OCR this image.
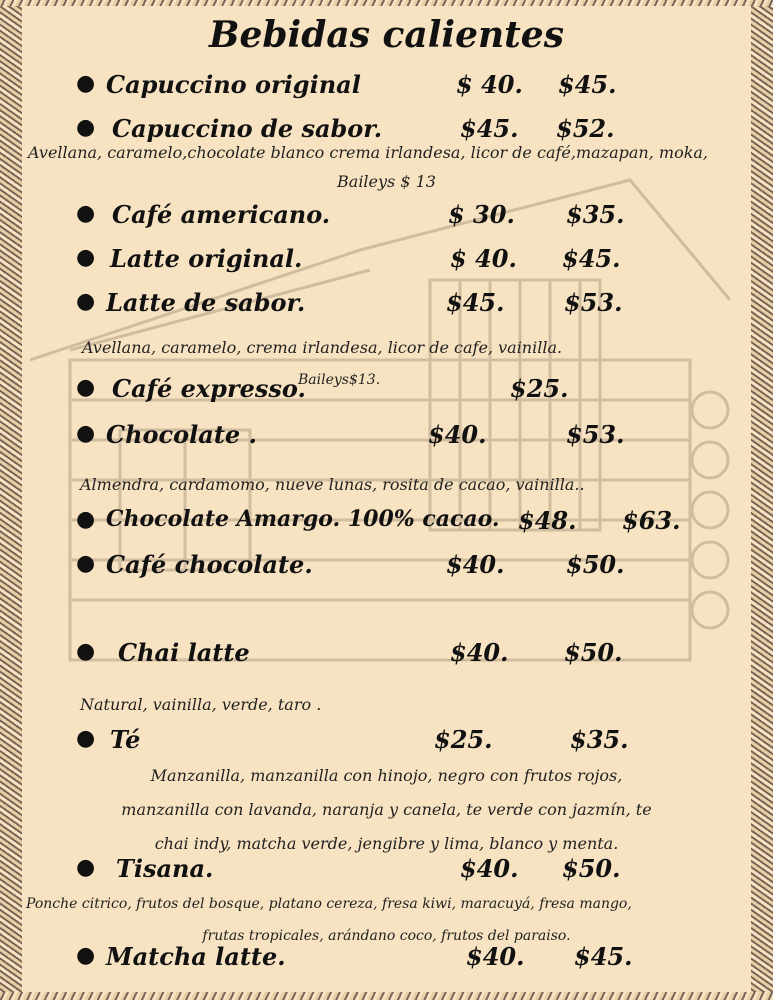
Bebidas calientes
● Capuccino original	$ 40. $45.
● Capuccino de sabor.	$45. $52.
Avellana, caramelo,chocolate blanco crema irlandesa, licor de café,mazapan, moka,
Baileys $ 13
● Café americano.	$ 30. $35.
● Latte original.	$ 40. $45.
● Latte de sabor.	$45. $53.
Avellana, caramelo, crema irlandesa, licor de cafe, vainilla.
● Café expresso.	$25.
Baileys$13.
● Chocolate .	$40.	$53.
Almendra, cardamomo, nueve lunas, rosita de cacao, vainilla..
● Chocolate Amargo. 100% cacao. $48. $63.
● Café chocolate.	$40.	$50.
● Chai latte	$40. $50.
Natural, vainilla, verde, taro .
● Té	$25.	$35.
Manzanilla, manzanilla con hinojo, negro con frutos rojos,
manzanilla con lavanda, naranja y canela, te verde con jazmín, te
chai indy, matcha verde, jengibre y lima, blanco y menta.
● Tisana.	$40. $50.
Ponche citrico, frutos del bosque, platano cereza, fresa kiwi, maracuyá, fresa mango,
frutas tropicales, arándano coco, frutos del paraiso.
● Matcha latte.	$40. $45.
